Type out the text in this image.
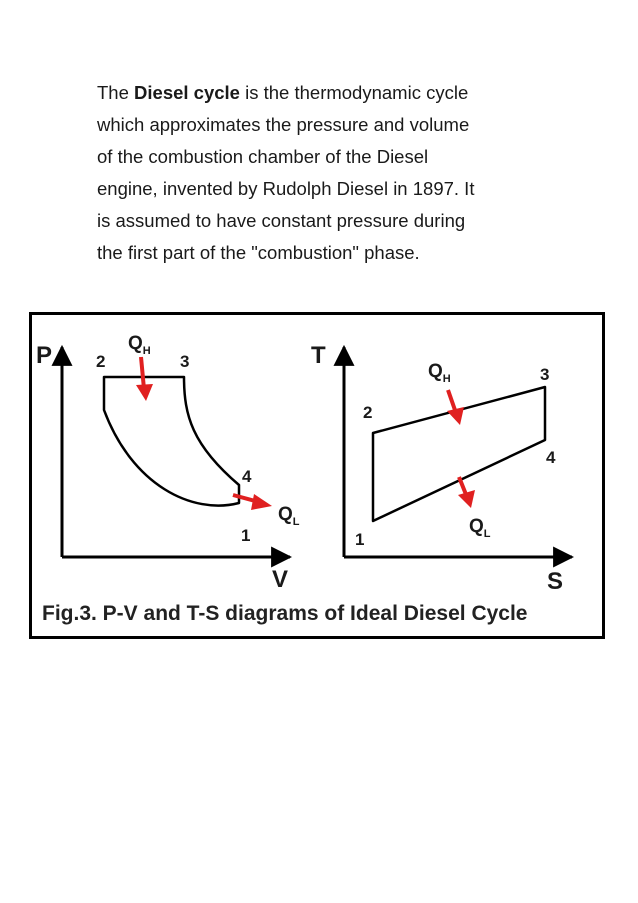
The Diesel cycle is the thermodynamic cycle
which approximates the pressure and volume
of the combustion chamber of the Diesel
engine, invented by Rudolph Diesel in 1897. It
is assumed to have constant pressure during
the first part of the "combustion" phase.
P
V
2	3
4
1
$Q_H$
$Q_L$
T
S
2
3
4
1
$Q_H$
$Q_L$
Fig.3. P-V and T-S diagrams of Ideal Diesel Cycle
